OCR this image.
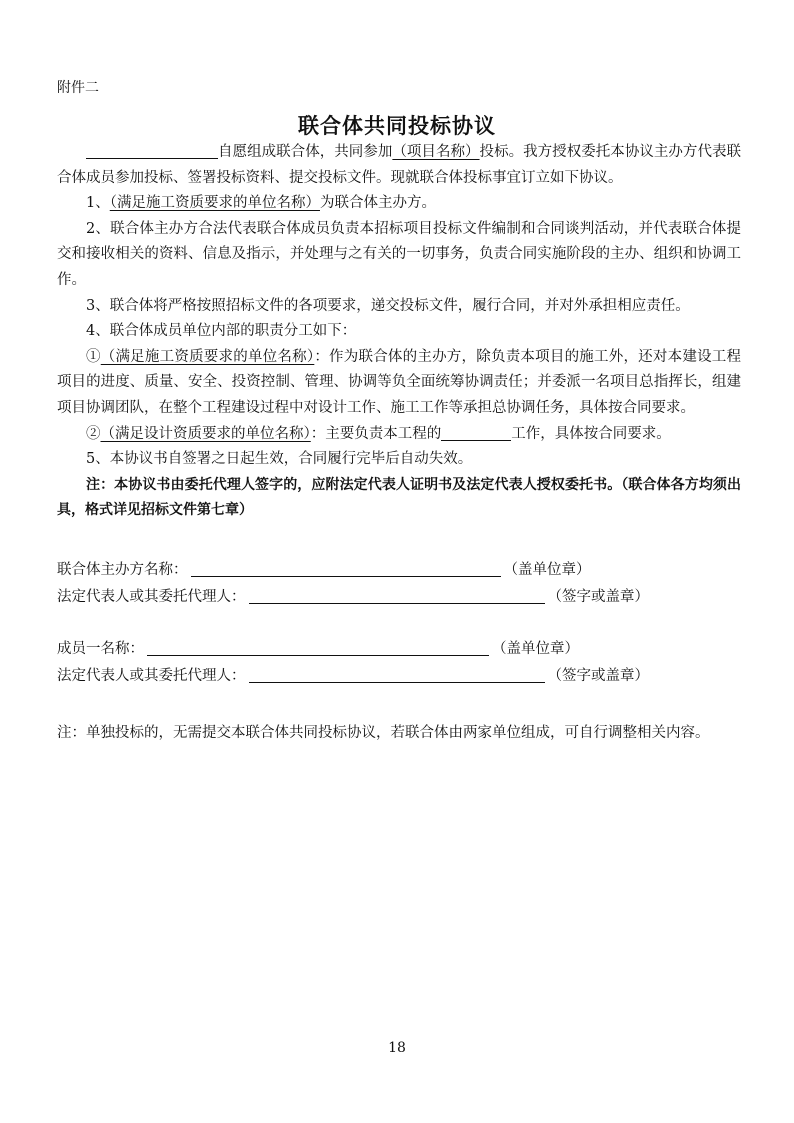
附件二
联合体共同投标协议

自愿组成联合体，共同参加（项目名称）投标。我方授权委托本协议主办方代表联合体成员参加投标、签署投标资料、提交投标文件。现就联合体投标事宜订立如下协议。

1、（满足施工资质要求的单位名称）为联合体主办方。

2、联合体主办方合法代表联合体成员负责本招标项目投标文件编制和合同谈判活动，并代表联合体提交和接收相关的资料、信息及指示，并处理与之有关的一切事务，负责合同实施阶段的主办、组织和协调工作。

3、联合体将严格按照招标文件的各项要求，递交投标文件，履行合同，并对外承担相应责任。

4、联合体成员单位内部的职责分工如下：

①（满足施工资质要求的单位名称）：作为联合体的主办方，除负责本项目的施工外，还对本建设工程项目的进度、质量、安全、投资控制、管理、协调等负全面统筹协调责任；并委派一名项目总指挥长，组建项目协调团队，在整个工程建设过程中对设计工作、施工工作等承担总协调任务，具体按合同要求。

②（满足设计资质要求的单位名称）：主要负责本工程的	工作，具体按合同要求。

5、本协议书自签署之日起生效，合同履行完毕后自动失效。

注：本协议书由委托代理人签字的，应附法定代表人证明书及法定代表人授权委托书。（联合体各方均须出具，格式详见招标文件第七章）

联合体主办方名称：	（盖单位章）
法定代表人或其委托代理人：	（签字或盖章）
成员一名称：	（盖单位章）
法定代表人或其委托代理人：	（签字或盖章）
注：单独投标的，无需提交本联合体共同投标协议，若联合体由两家单位组成，可自行调整相关内容。
18
